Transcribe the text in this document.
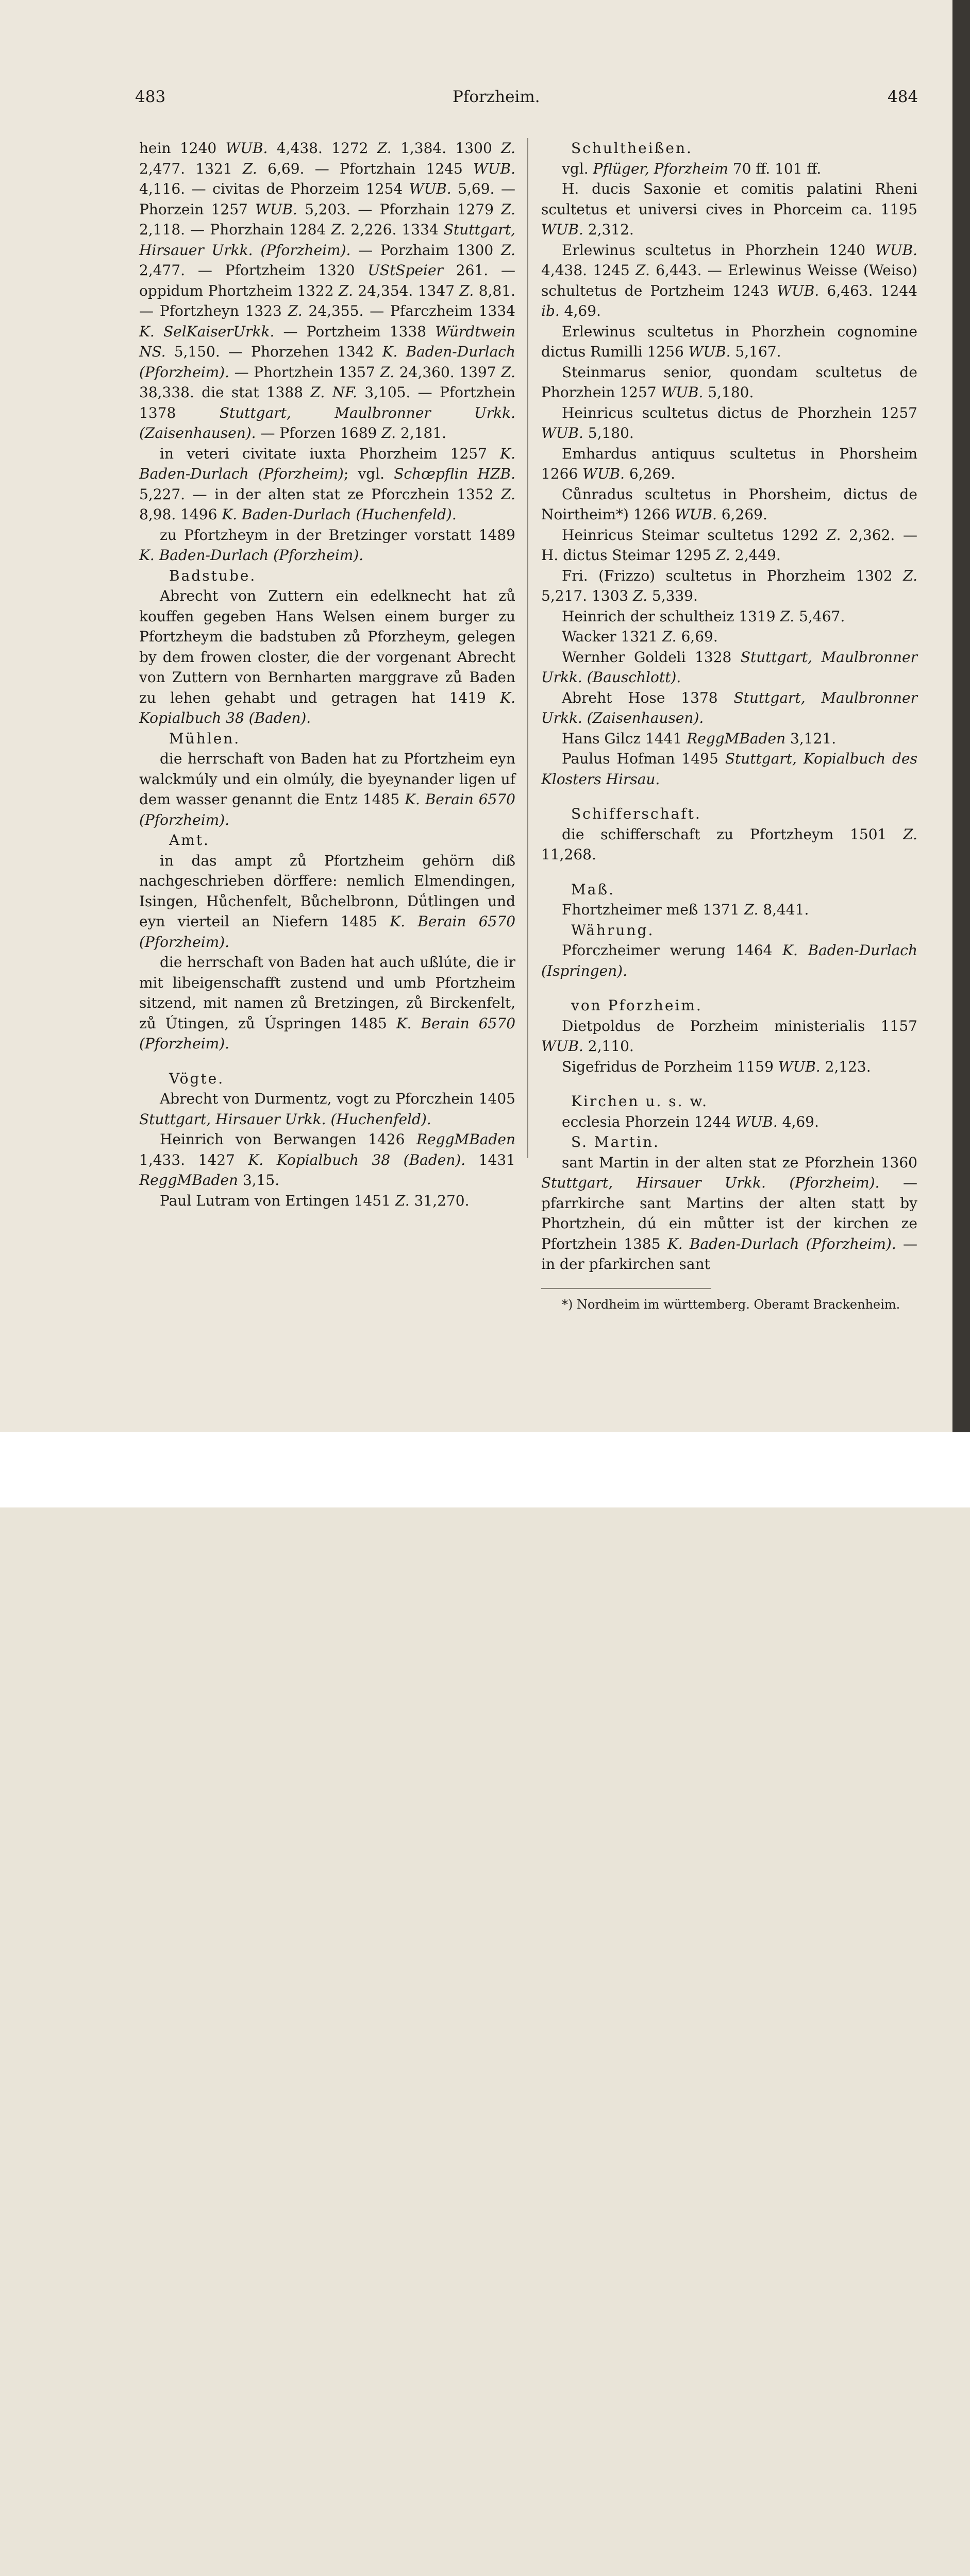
483	Pforzheim.	484

hein 1240 WUB. 4,438. 1272 Z. 1,384. 1300 Z. 2,477. 1321 Z. 6,69. — Pfortzhain 1245 WUB. 4,116. — civitas de Phorzeim 1254 WUB. 5,69. — Phorzein 1257 WUB. 5,203. — Pforzhain 1279 Z. 2,118. — Phorzhain 1284 Z. 2,226. 1334 Stuttgart, Hirsauer Urkk. (Pforzheim). — Porzhaim 1300 Z. 2,477. — Pfortzheim 1320 UStSpeier 261. — oppidum Phortzheim 1322 Z. 24,354. 1347 Z. 8,81. — Pfortzheyn 1323 Z. 24,355. — Pfarczheim 1334 K. SelKaiserUrkk. — Portzheim 1338 Würdtwein NS. 5,150. — Phorzehen 1342 K. Baden-Durlach (Pforzheim). — Phortzhein 1357 Z. 24,360. 1397 Z. 38,338. die stat 1388 Z. NF. 3,105. — Pfortzhein 1378 Stuttgart, Maulbronner Urkk. (Zaisenhausen). — Pforzen 1689 Z. 2,181.

in veteri civitate iuxta Phorzheim 1257 K. Baden-Durlach (Pforzheim); vgl. Schœpflin HZB. 5,227. — in der alten stat ze Pforczhein 1352 Z. 8,98. 1496 K. Baden-Durlach (Huchenfeld).

zu Pfortzheym in der Bretzinger vorstatt 1489 K. Baden-Durlach (Pforzheim).

Badstube.

Abrecht von Zuttern ein edelknecht hat zů kouffen gegeben Hans Welsen einem burger zu Pfortzheym die badstuben zů Pforzheym, gelegen by dem frowen closter, die der vorgenant Abrecht von Zuttern von Bernharten marggrave zů Baden zu lehen gehabt und getragen hat 1419 K. Kopialbuch 38 (Baden).

Mühlen.

die herrschaft von Baden hat zu Pfortzheim eyn walckmúly und ein olmúly, die byeynander ligen uf dem wasser genannt die Entz 1485 K. Berain 6570 (Pforzheim).

Amt.

in das ampt zů Pfortzheim gehörn diß nachgeschrieben dörffere: nemlich Elmendingen, Isingen, Hůchenfelt, Bůchelbronn, Dǘtlingen und eyn vierteil an Niefern 1485 K. Berain 6570 (Pforzheim).

die herrschaft von Baden hat auch ußlúte, die ir mit libeigenschafft zustend und umb Pfortzheim sitzend, mit namen zů Bretzingen, zů Birckenfelt, zů Útingen, zů Úspringen 1485 K. Berain 6570 (Pforzheim).

Vögte.

Abrecht von Durmentz, vogt zu Pforczhein 1405 Stuttgart, Hirsauer Urkk. (Huchenfeld).

Heinrich von Berwangen 1426 ReggMBaden 1,433. 1427 K. Kopialbuch 38 (Baden). 1431 ReggMBaden 3,15.

Paul Lutram von Ertingen 1451 Z. 31,270.

Schultheißen.

vgl. Pflüger, Pforzheim 70 ff. 101 ff.

H. ducis Saxonie et comitis palatini Rheni scultetus et universi cives in Phorceim ca. 1195 WUB. 2,312.

Erlewinus scultetus in Phorzhein 1240 WUB. 4,438. 1245 Z. 6,443. — Erlewinus Weisse (Weiso) schultetus de Portzheim 1243 WUB. 6,463. 1244 ib. 4,69.

Erlewinus scultetus in Phorzhein cognomine dictus Rumilli 1256 WUB. 5,167.

Steinmarus senior, quondam scultetus de Phorzhein 1257 WUB. 5,180.

Heinricus scultetus dictus de Phorzhein 1257 WUB. 5,180.

Emhardus antiquus scultetus in Phorsheim 1266 WUB. 6,269.

Cůnradus scultetus in Phorsheim, dictus de Noirtheim*) 1266 WUB. 6,269.

Heinricus Steimar scultetus 1292 Z. 2,362. — H. dictus Steimar 1295 Z. 2,449.

Fri. (Frizzo) scultetus in Phorzheim 1302 Z. 5,217. 1303 Z. 5,339.

Heinrich der schultheiz 1319 Z. 5,467.

Wacker 1321 Z. 6,69.

Wernher Goldeli 1328 Stuttgart, Maulbronner Urkk. (Bauschlott).

Abreht Hose 1378 Stuttgart, Maulbronner Urkk. (Zaisenhausen).

Hans Gilcz 1441 ReggMBaden 3,121.

Paulus Hofman 1495 Stuttgart, Kopialbuch des Klosters Hirsau.

Schifferschaft.

die schifferschaft zu Pfortzheym 1501 Z. 11,268.

Maß.

Fhortzheimer meß 1371 Z. 8,441.

Währung.

Pforczheimer werung 1464 K. Baden-Durlach (Ispringen).

von Pforzheim.

Dietpoldus de Porzheim ministerialis 1157 WUB. 2,110.

Sigefridus de Porzheim 1159 WUB. 2,123.

Kirchen u. s. w.

ecclesia Phorzein 1244 WUB. 4,69.

S. Martin.

sant Martin in der alten stat ze Pforzhein 1360 Stuttgart, Hirsauer Urkk. (Pforzheim). — pfarrkirche sant Martins der alten statt by Phortzhein, dú ein můtter ist der kirchen ze Pfortzhein 1385 K. Baden-Durlach (Pforzheim). — in der pfarkirchen sant

*) Nordheim im württemberg. Oberamt Brackenheim.
